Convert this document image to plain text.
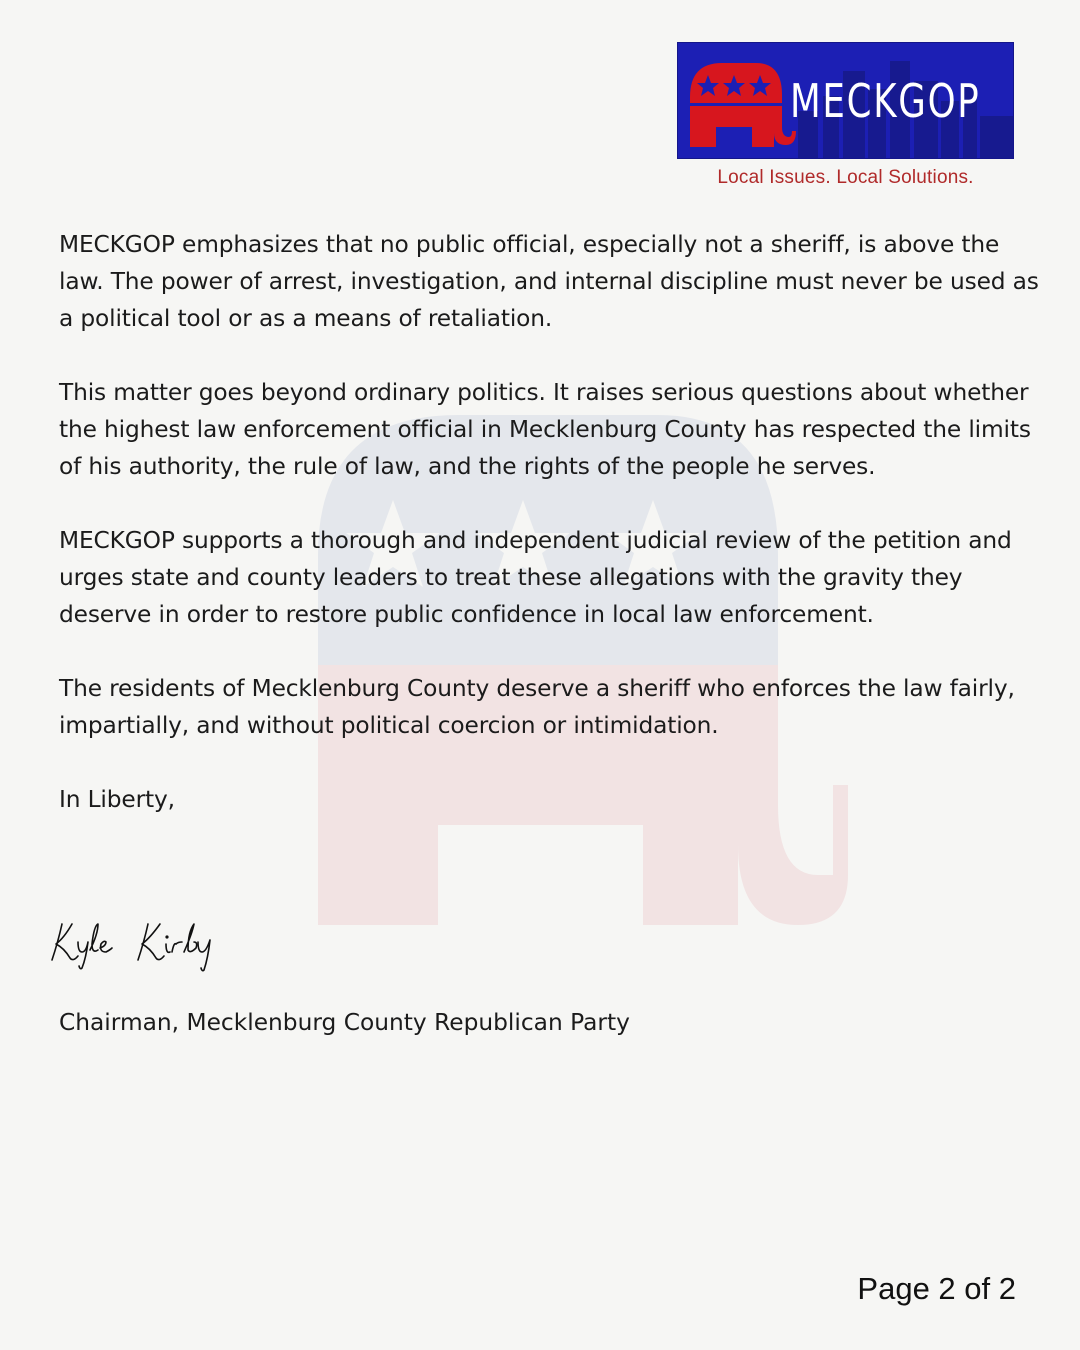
MECKGOP
Local Issues. Local Solutions.

MECKGOP emphasizes that no public official, especially not a sheriff, is above the law. The power of arrest, investigation, and internal discipline must never be used as a political tool or as a means of retaliation.

This matter goes beyond ordinary politics. It raises serious questions about whether the highest law enforcement official in Mecklenburg County has respected the limits of his authority, the rule of law, and the rights of the people he serves.

MECKGOP supports a thorough and independent judicial review of the petition and urges state and county leaders to treat these allegations with the gravity they deserve in order to restore public confidence in local law enforcement.

The residents of Mecklenburg County deserve a sheriff who enforces the law fairly, impartially, and without political coercion or intimidation.

In Liberty,

Chairman, Mecklenburg County Republican Party
Page 2 of 2
